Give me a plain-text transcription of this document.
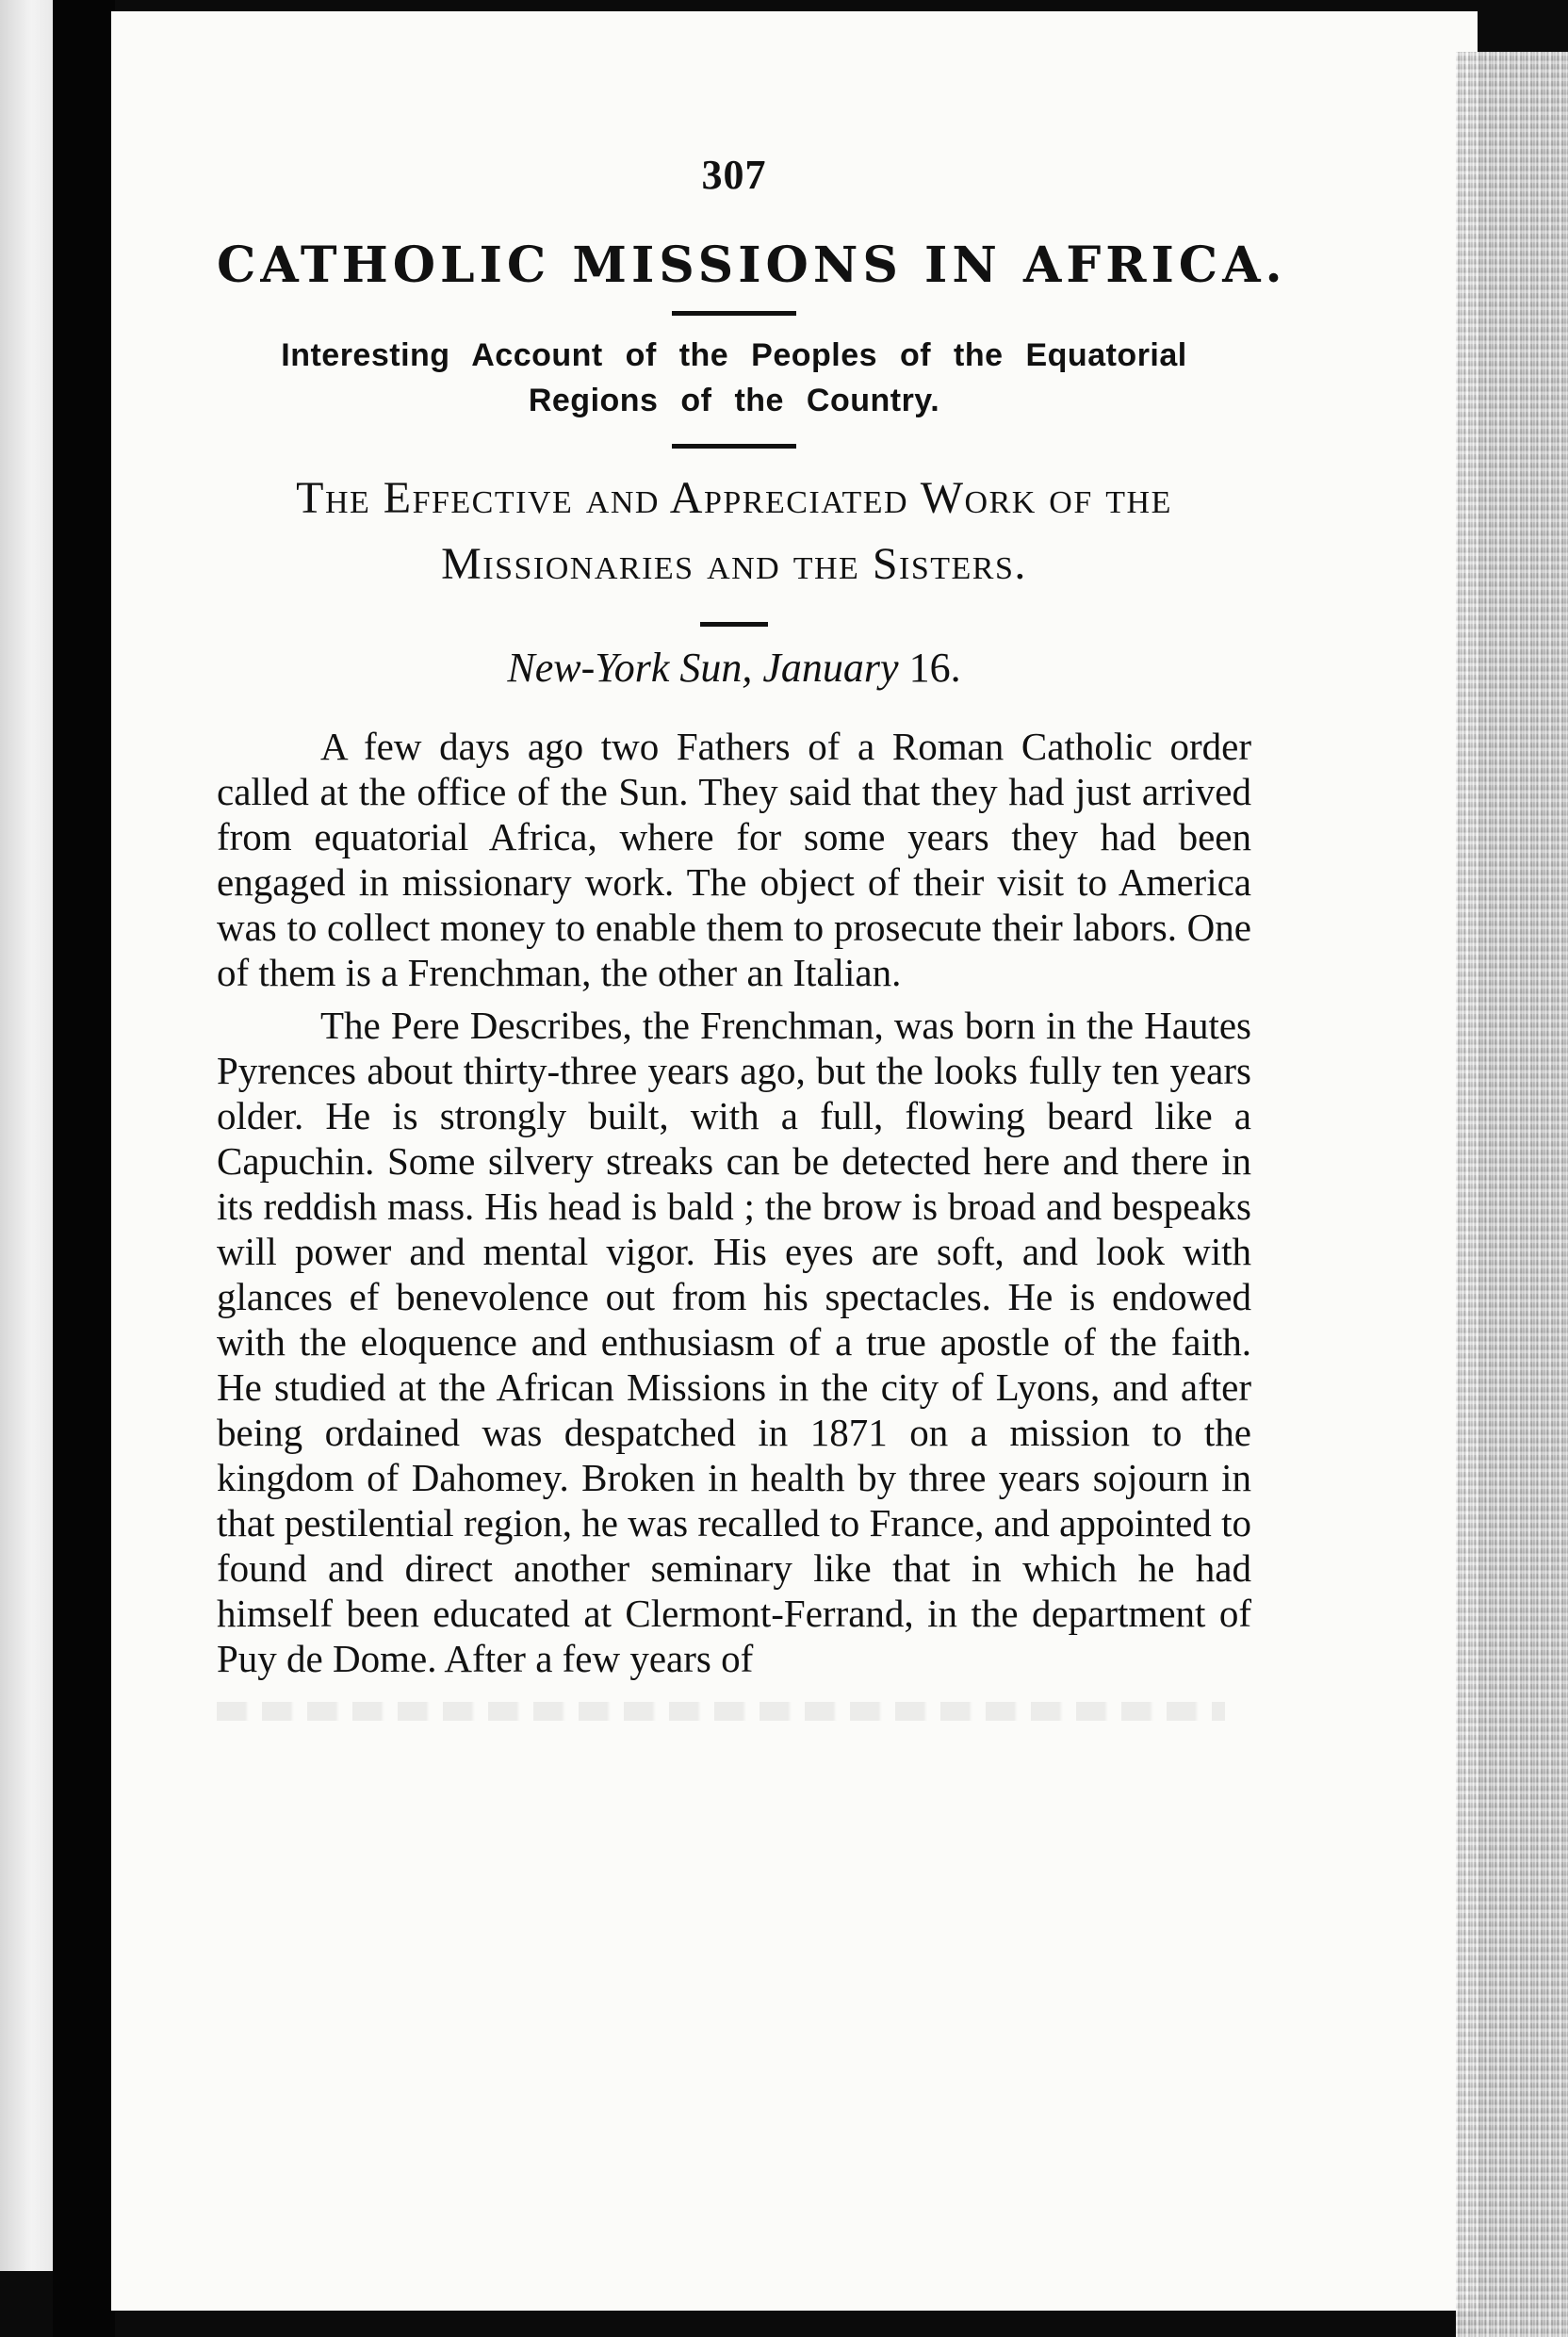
307
CATHOLIC MISSIONS IN AFRICA.
Interesting Account of the Peoples of the Equatorial
Regions of the Country.
The Effective and Appreciated Work of the
Missionaries and the Sisters.
New-York Sun, January 16.

A few days ago two Fathers of a Roman Catholic order called at the office of the Sun. They said that they had just arrived from equatorial Africa, where for some years they had been engaged in missionary work. The object of their visit to America was to collect money to enable them to prosecute their labors. One of them is a Frenchman, the other an Italian.

The Pere Describes, the Frenchman, was born in the Hautes Pyrences about thirty-three years ago, but the looks fully ten years older. He is strongly built, with a full, flowing beard like a Capuchin. Some silvery streaks can be detected here and there in its reddish mass. His head is bald ; the brow is broad and bespeaks will power and mental vigor. His eyes are soft, and look with glances ef benevolence out from his spectacles. He is endowed with the eloquence and enthusiasm of a true apostle of the faith. He studied at the African Missions in the city of Lyons, and after being ordained was despatched in 1871 on a mission to the kingdom of Dahomey. Broken in health by three years sojourn in that pestilential region, he was recalled to France, and appointed to found and direct another seminary like that in which he had himself been educated at Clermont-Ferrand, in the department of Puy de Dome. After a few years of
